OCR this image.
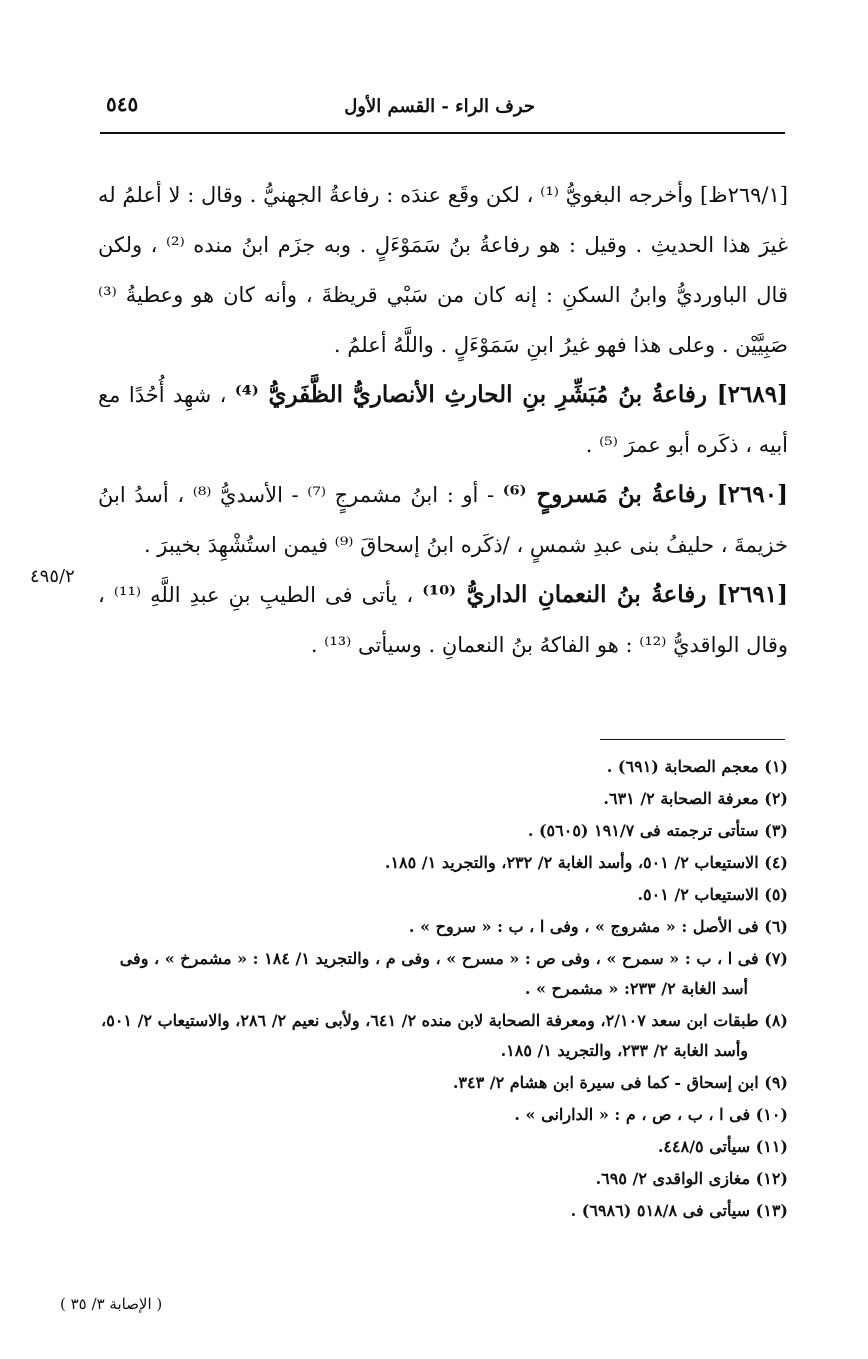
حرف الراء - القسم الأول
٥٤٥

[٢٦٩/١ظ] وأخرجه البغويُّ ⁽¹⁾ ، لكن وقَع عندَه : رفاعةُ الجهنيُّ . وقال : لا أعلمُ له غيرَ هذا الحديثِ . وقيل : هو رفاعةُ بنُ سَمَوْءَلٍ . وبه جزَم ابنُ منده ⁽²⁾ ، ولكن قال الباورديُّ وابنُ السكنِ : إنه كان من سَبْي قريظةَ ، وأنه كان هو وعطيةُ ⁽³⁾ صَبِيَّيْن . وعلى هذا فهو غيرُ ابنِ سَمَوْءَلٍ . واللَّهُ أعلمُ .

[٢٦٨٩] رفاعةُ بنُ مُبَشِّرِ بنِ الحارثِ الأنصاريُّ الظَّفَريُّ ⁽⁴⁾ ، شهِد أُحُدًا مع أبيه ، ذكَره أبو عمرَ ⁽⁵⁾ .

[٢٦٩٠] رفاعةُ بنُ مَسروحٍ ⁽⁶⁾ - أو : ابنُ مشمرجٍ ⁽⁷⁾ - الأسديُّ ⁽⁸⁾ ، أسدُ ابنُ خزيمةَ ، حليفُ بنى عبدِ شمسٍ ، /ذكَره ابنُ إسحاقَ ⁽⁹⁾ فيمن استُشْهِدَ بخيبرَ .

[٢٦٩١] رفاعةُ بنُ النعمانِ الداريُّ ⁽¹⁰⁾ ، يأتى فى الطيبِ بنِ عبدِ اللَّهِ ⁽¹¹⁾ ، وقال الواقديُّ ⁽¹²⁾ : هو الفاكهُ بنُ النعمانِ . وسيأتى ⁽¹³⁾ .

٤٩٥/٢

(١) معجم الصحابة (٦٩١) .

(٢) معرفة الصحابة ٢/ ٦٣١.

(٣) ستأتى ترجمته فى ١٩١/٧ (٥٦٠٥) .

(٤) الاستيعاب ٢/ ٥٠١، وأسد الغابة ٢/ ٢٣٢، والتجريد ١/ ١٨٥.

(٥) الاستيعاب ٢/ ٥٠١.

(٦) فى الأصل : « مشروج » ، وفى ا ، ب : « سروح » .

(٧) فى ا ، ب : « سمرح » ، وفى ص : « مسرح » ، وفى م ، والتجريد ١/ ١٨٤ : « مشمرخ » ، وفى أسد الغابة ٢/ ٢٣٣: « مشمرح » .

(٨) طبقات ابن سعد ٢/١٠٧، ومعرفة الصحابة لابن منده ٢/ ٦٤١، ولأبى نعيم ٢/ ٢٨٦، والاستيعاب ٢/ ٥٠١، وأسد الغابة ٢/ ٢٣٣، والتجريد ١/ ١٨٥.

(٩) ابن إسحاق - كما فى سيرة ابن هشام ٢/ ٣٤٣.

(١٠) فى ا ، ب ، ص ، م : « الدارانى » .

(١١) سيأتى ٤٤٨/٥.

(١٢) مغازى الواقدى ٢/ ٦٩٥.

(١٣) سيأتى فى ٥١٨/٨ (٦٩٨٦) .

( الإصابة ٣/ ٣٥ )
